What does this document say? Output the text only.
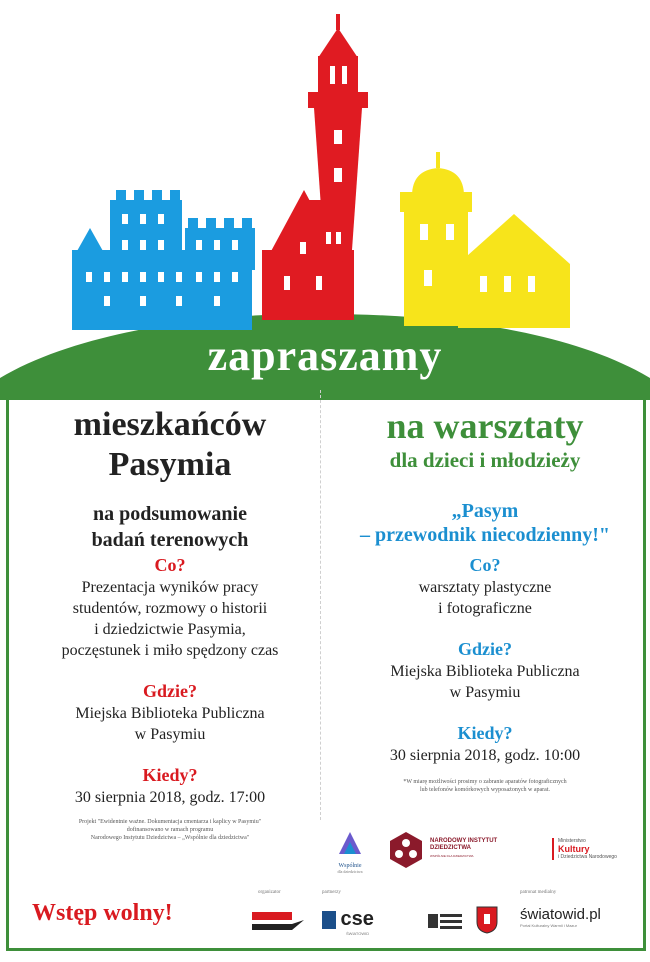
zapraszamy
mieszkańców
Pasymia
na podsumowanie
badań terenowych
Co?
Prezentacja wyników pracy
studentów, rozmowy o historii
i dziedzictwie Pasymia,
poczęstunek i miło spędzony czas
Gdzie?
Miejska Biblioteka Publiczna
w Pasymiu
Kiedy?
30 sierpnia 2018, godz. 17:00
Projekt "Ewidentnie ważne. Dokumentacja cmentarza i kaplicy w Pasymiu"
dofinansowano w ramach programu
Narodowego Instytutu Dziedzictwa – „Wspólnie dla dziedzictwa"
na warsztaty
dla dzieci i młodzieży
„Pasym
– przewodnik niecodzienny!"
Co?
warsztaty plastyczne
i fotograficzne
Gdzie?
Miejska Biblioteka Publiczna
w Pasymiu
Kiedy?
30 sierpnia 2018, godz. 10:00
*W miarę możliwości prosimy o zabranie aparatów fotograficznych
lub telefonów komórkowych wyposażonych w aparat.
Wspólnie
dla dziedzictwa
NARODOWY INSTYTUT
DZIEDZICTWA
WSPÓLNIE DLA DZIEDZICTWA
Ministerstwo
Kultury
i Dziedzictwa Narodowego
Wstęp wolny!
organizator	partnerzy	patronat medialny
cse
ŚWIATOWID
światowid.pl
Portal Kulturalny Warmii i Mazur
